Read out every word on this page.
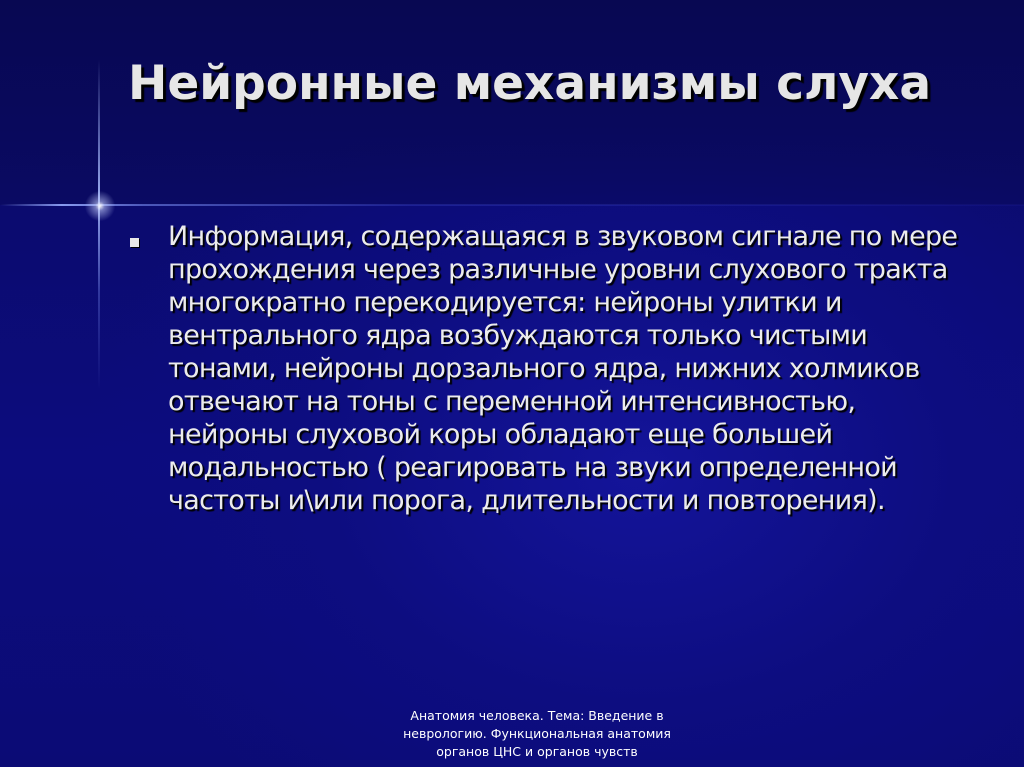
Нейронные механизмы слуха

Информация, содержащаяся в звуковом сигнале по мере прохождения через различные уровни слухового тракта многократно перекодируется: нейроны улитки и вентрального ядра возбуждаются только чистыми тонами, нейроны дорзального ядра, нижних холмиков отвечают на тоны с переменной интенсивностью, нейроны слуховой коры обладают еще большей модальностью ( реагировать на звуки определенной частоты и\или порога, длительности и повторения).

Анатомия человека. Тема: Введение в неврологию. Функциональная анатомия органов ЦНС и органов чувств
